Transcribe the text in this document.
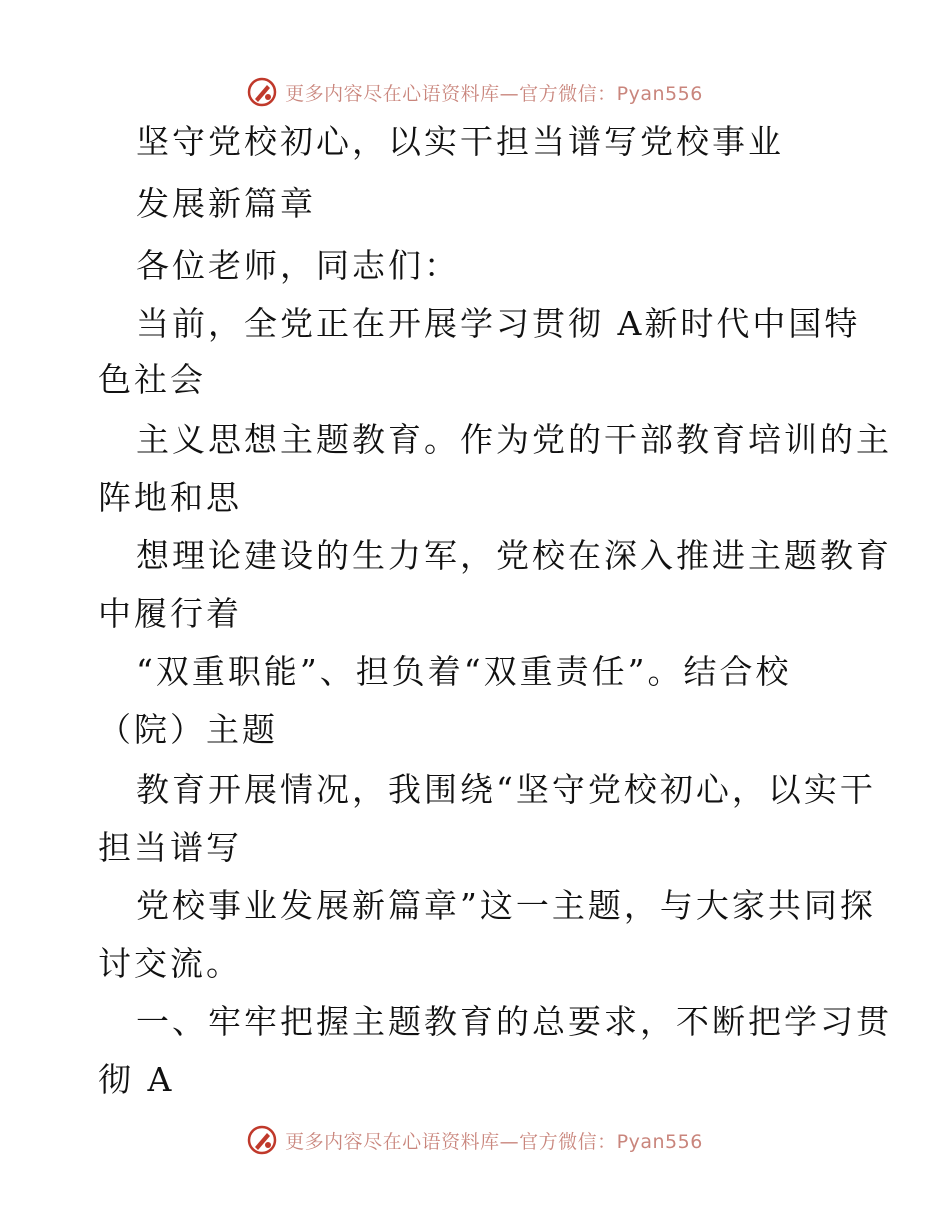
更多内容尽在心语资料库—官方微信：Pyan556
坚守党校初心，以实干担当谱写党校事业
发展新篇章
各位老师，同志们：
当前，全党正在开展学习贯彻 A新时代中国特
色社会
主义思想主题教育。作为党的干部教育培训的主
阵地和思
想理论建设的生力军，党校在深入推进主题教育
中履行着
“双重职能”、担负着“双重责任”。结合校
（院）主题
教育开展情况，我围绕“坚守党校初心，以实干
担当谱写
党校事业发展新篇章”这一主题，与大家共同探
讨交流。
一、牢牢把握主题教育的总要求，不断把学习贯
彻 A
更多内容尽在心语资料库—官方微信：Pyan556
